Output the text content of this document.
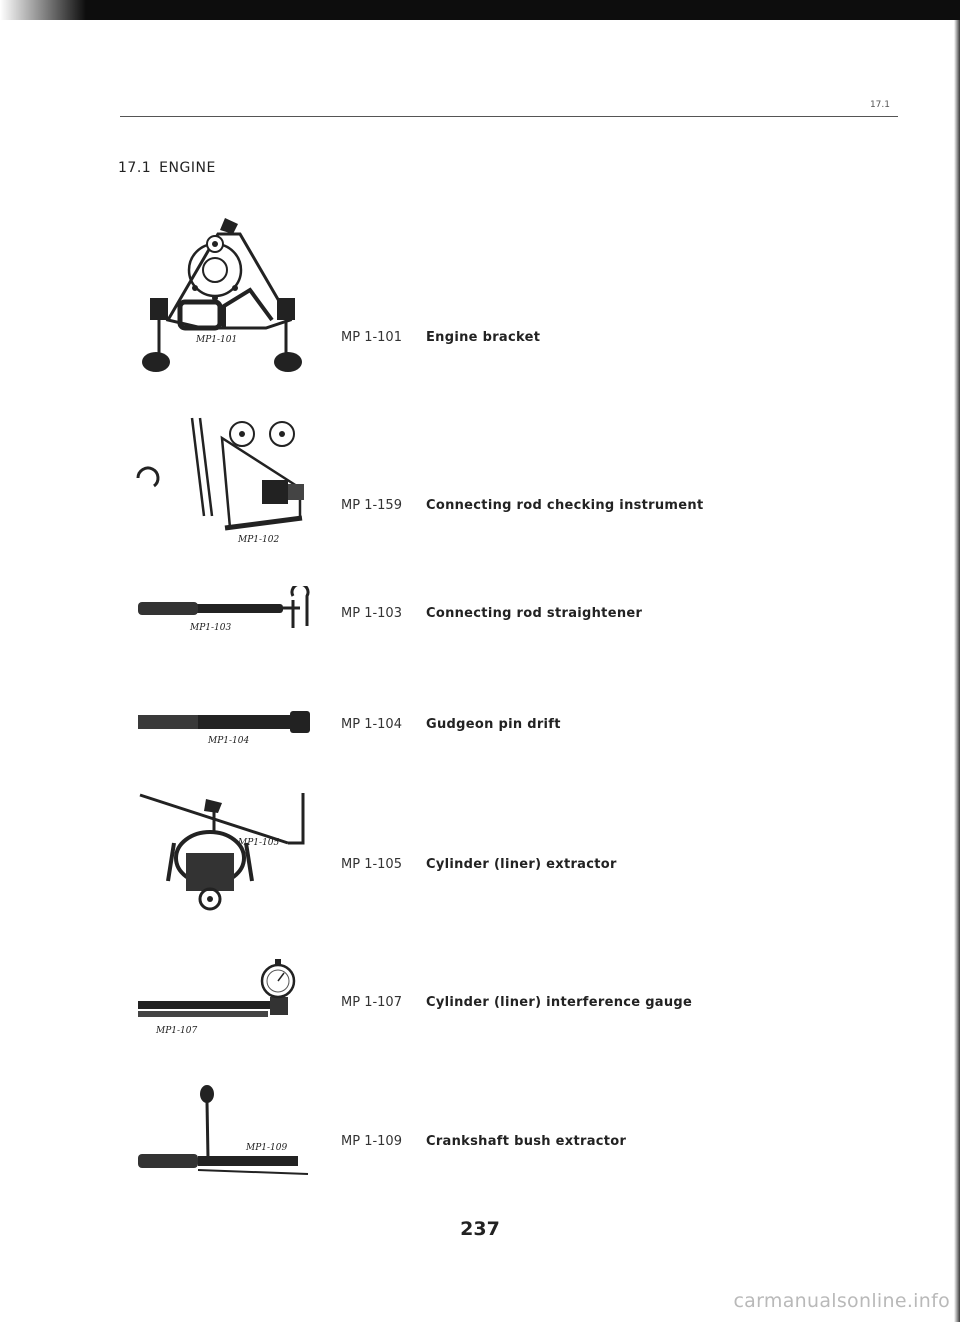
17.1
17.1 ENGINE
MP1-101	MP 1-101 Engine bracket
MP1-102
MP 1-159 Connecting rod checking instrument
MP1-103
MP 1-103 Connecting rod straightener
MP1-104
MP 1-104 Gudgeon pin drift
MP1-105
MP 1-105 Cylinder (liner) extractor
MP1-107
MP 1-107 Cylinder (liner) interference gauge
MP1-109	MP 1-109 Crankshaft bush extractor
237
carmanualsonline.info
